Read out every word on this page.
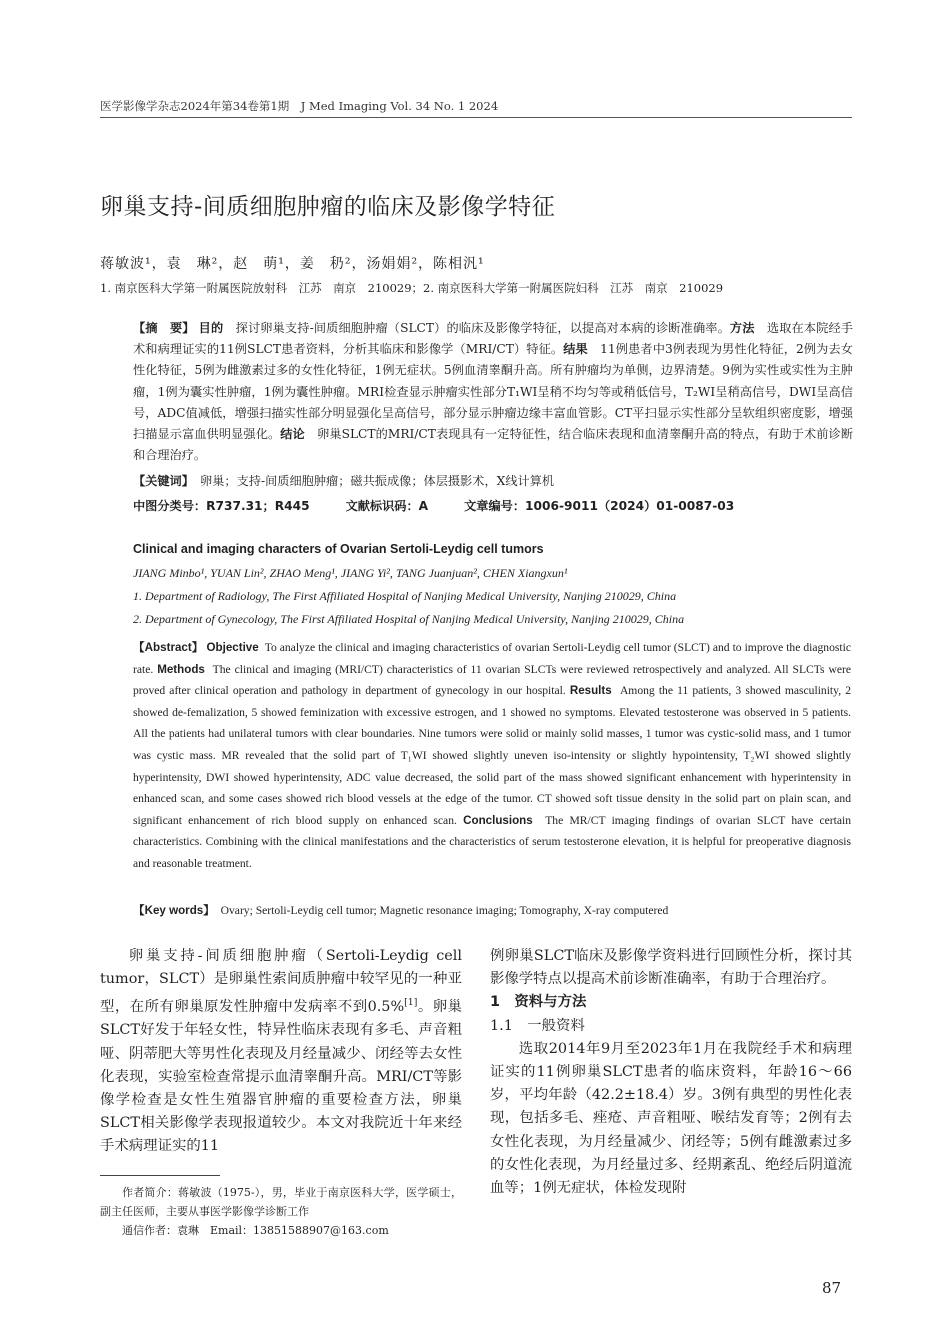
医学影像学杂志2024年第34卷第1期　J Med Imaging Vol. 34 No. 1 2024
卵巢支持-间质细胞肿瘤的临床及影像学特征
蒋敏波¹，袁　琳²，赵　萌¹，姜　䄧²，汤娟娟²，陈相汎¹
1. 南京医科大学第一附属医院放射科　江苏　南京　210029；2. 南京医科大学第一附属医院妇科　江苏　南京　210029
【摘　要】 目的　 探讨卵巢支持-间质细胞肿瘤（SLCT）的临床及影像学特征，以提高对本病的诊断准确率。方法　 选取在本院经手术和病理证实的11例SLCT患者资料，分析其临床和影像学（MRI/CT）特征。结果　 11例患者中3例表现为男性化特征，2例为去女性化特征，5例为雌激素过多的女性化特征，1例无症状。5例血清睾酮升高。所有肿瘤均为单侧，边界清楚。9例为实性或实性为主肿瘤，1例为囊实性肿瘤，1例为囊性肿瘤。MRI检查显示肿瘤实性部分T₁WI呈稍不均匀等或稍低信号，T₂WI呈稍高信号，DWI呈高信号，ADC值减低，增强扫描实性部分明显强化呈高信号，部分显示肿瘤边缘丰富血管影。CT平扫显示实性部分呈软组织密度影，增强扫描显示富血供明显强化。结论　 卵巢SLCT的MRI/CT表现具有一定特征性，结合临床表现和血清睾酮升高的特点，有助于术前诊断和合理治疗。
【关键词】　 卵巢；支持-间质细胞肿瘤；磁共振成像；体层摄影术，X线计算机
中图分类号：R737.31；R445	文献标识码：A	文章编号：1006-9011（2024）01-0087-03
Clinical and imaging characters of Ovarian Sertoli-Leydig cell tumors
JIANG Minbo¹, YUAN Lin², ZHAO Meng¹, JIANG Yi², TANG Juanjuan², CHEN Xiangxun¹
1. Department of Radiology, The First Affiliated Hospital of Nanjing Medical University, Nanjing 210029, China
2. Department of Gynecology, The First Affiliated Hospital of Nanjing Medical University, Nanjing 210029, China
【Abstract】 Objective To analyze the clinical and imaging characteristics of ovarian Sertoli-Leydig cell tumor (SLCT) and to improve the diagnostic rate. Methods The clinical and imaging (MRI/CT) characteristics of 11 ovarian SLCTs were reviewed retrospectively and analyzed. All SLCTs were proved after clinical operation and pathology in department of gynecology in our hospital. Results Among the 11 patients, 3 showed masculinity, 2 showed de-femalization, 5 showed feminization with excessive estrogen, and 1 showed no symptoms. Elevated testosterone was observed in 5 patients. All the patients had unilateral tumors with clear boundaries. Nine tumors were solid or mainly solid masses, 1 tumor was cystic-solid mass, and 1 tumor was cystic mass. MR revealed that the solid part of T₁WI showed slightly uneven iso-intensity or slightly hypointensity, T₂WI showed slightly hyperintensity, DWI showed hyperintensity, ADC value decreased, the solid part of the mass showed significant enhancement with hyperintensity in enhanced scan, and some cases showed rich blood vessels at the edge of the tumor. CT showed soft tissue density in the solid part on plain scan, and significant enhancement of rich blood supply on enhanced scan. Conclusions The MR/CT imaging findings of ovarian SLCT have certain characteristics. Combining with the clinical manifestations and the characteristics of serum testosterone elevation, it is helpful for preoperative diagnosis and reasonable treatment.
【Key words】 Ovary; Sertoli-Leydig cell tumor; Magnetic resonance imaging; Tomography, X-ray computered
卵巢支持-间质细胞肿瘤（Sertoli-Leydig cell tumor，SLCT）是卵巢性索间质肿瘤中较罕见的一种亚型，在所有卵巢原发性肿瘤中发病率不到0.5%[1]。卵巢SLCT好发于年轻女性，特异性临床表现有多毛、声音粗哑、阴蒂肥大等男性化表现及月经量减少、闭经等去女性化表现，实验室检查常提示血清睾酮升高。MRI/CT等影像学检查是女性生殖器官肿瘤的重要检查方法，卵巢SLCT相关影像学表现报道较少。本文对我院近十年来经手术病理证实的11
例卵巢SLCT临床及影像学资料进行回顾性分析，探讨其影像学特点以提高术前诊断准确率，有助于合理治疗。
1　资料与方法
1.1　一般资料
选取2014年9月至2023年1月在我院经手术和病理证实的11例卵巢SLCT患者的临床资料，年龄16～66岁，平均年龄（42.2±18.4）岁。3例有典型的男性化表现，包括多毛、痤疮、声音粗哑、喉结发育等；2例有去女性化表现，为月经量减少、闭经等；5例有雌激素过多的女性化表现，为月经量过多、经期紊乱、绝经后阴道流血等；1例无症状，体检发现附
作者简介：蒋敏波（1975-），男，毕业于南京医科大学，医学硕士，副主任医师，主要从事医学影像学诊断工作
通信作者：袁琳　Email：13851588907@163.com
87
